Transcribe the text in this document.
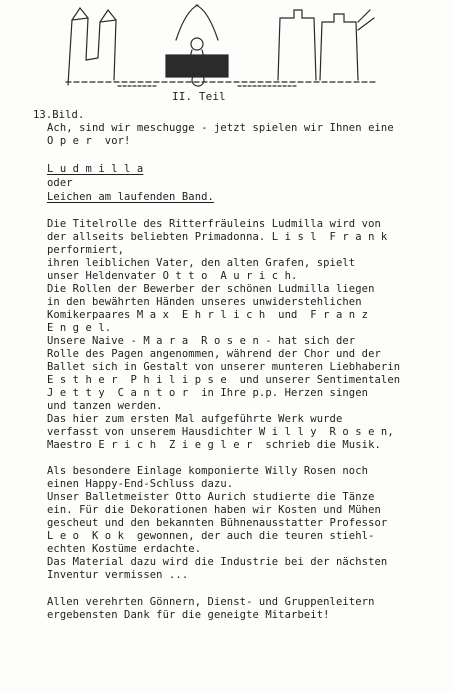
II. Teil
13.Bild.
Ach, sind wir meschugge - jetzt spielen wir Ihnen eine
O p e r  vor!
L u d m i l l a
oder
Leichen am laufenden Band.
Die Titelrolle des Ritterfräuleins Ludmilla wird von
der allseits beliebten Primadonna. L i s l  F r a n k
performiert,
ihren leiblichen Vater, den alten Grafen, spielt
unser Heldenvater O t t o  A u r i c h.
Die Rollen der Bewerber der schönen Ludmilla liegen
in den bewährten Händen unseres unwiderstehlichen
Komikerpaares M a x  E h r l i c h  und  F r a n z
E n g e l.
Unsere Naive - M a r a  R o s e n - hat sich der
Rolle des Pagen angenommen, während der Chor und der
Ballet sich in Gestalt von unserer munteren Liebhaberin
E s t h e r  P h i l i p s e  und unserer Sentimentalen
J e t t y  C a n t o r  in Ihre p.p. Herzen singen
und tanzen werden.
Das hier zum ersten Mal aufgeführte Werk wurde
verfasst von unserem Hausdichter W i l l y  R o s e n,
Maestro E r i c h  Z i e g l e r  schrieb die Musik.
Als besondere Einlage komponierte Willy Rosen noch
einen Happy-End-Schluss dazu.
Unser Balletmeister Otto Aurich studierte die Tänze
ein. Für die Dekorationen haben wir Kosten und Mühen
gescheut und den bekannten Bühnenausstatter Professor
L e o  K o k  gewonnen, der auch die teuren stiehl-
echten Kostüme erdachte.
Das Material dazu wird die Industrie bei der nächsten
Inventur vermissen ...
Allen verehrten Gönnern, Dienst- und Gruppenleitern
ergebensten Dank für die geneigte Mitarbeit!
